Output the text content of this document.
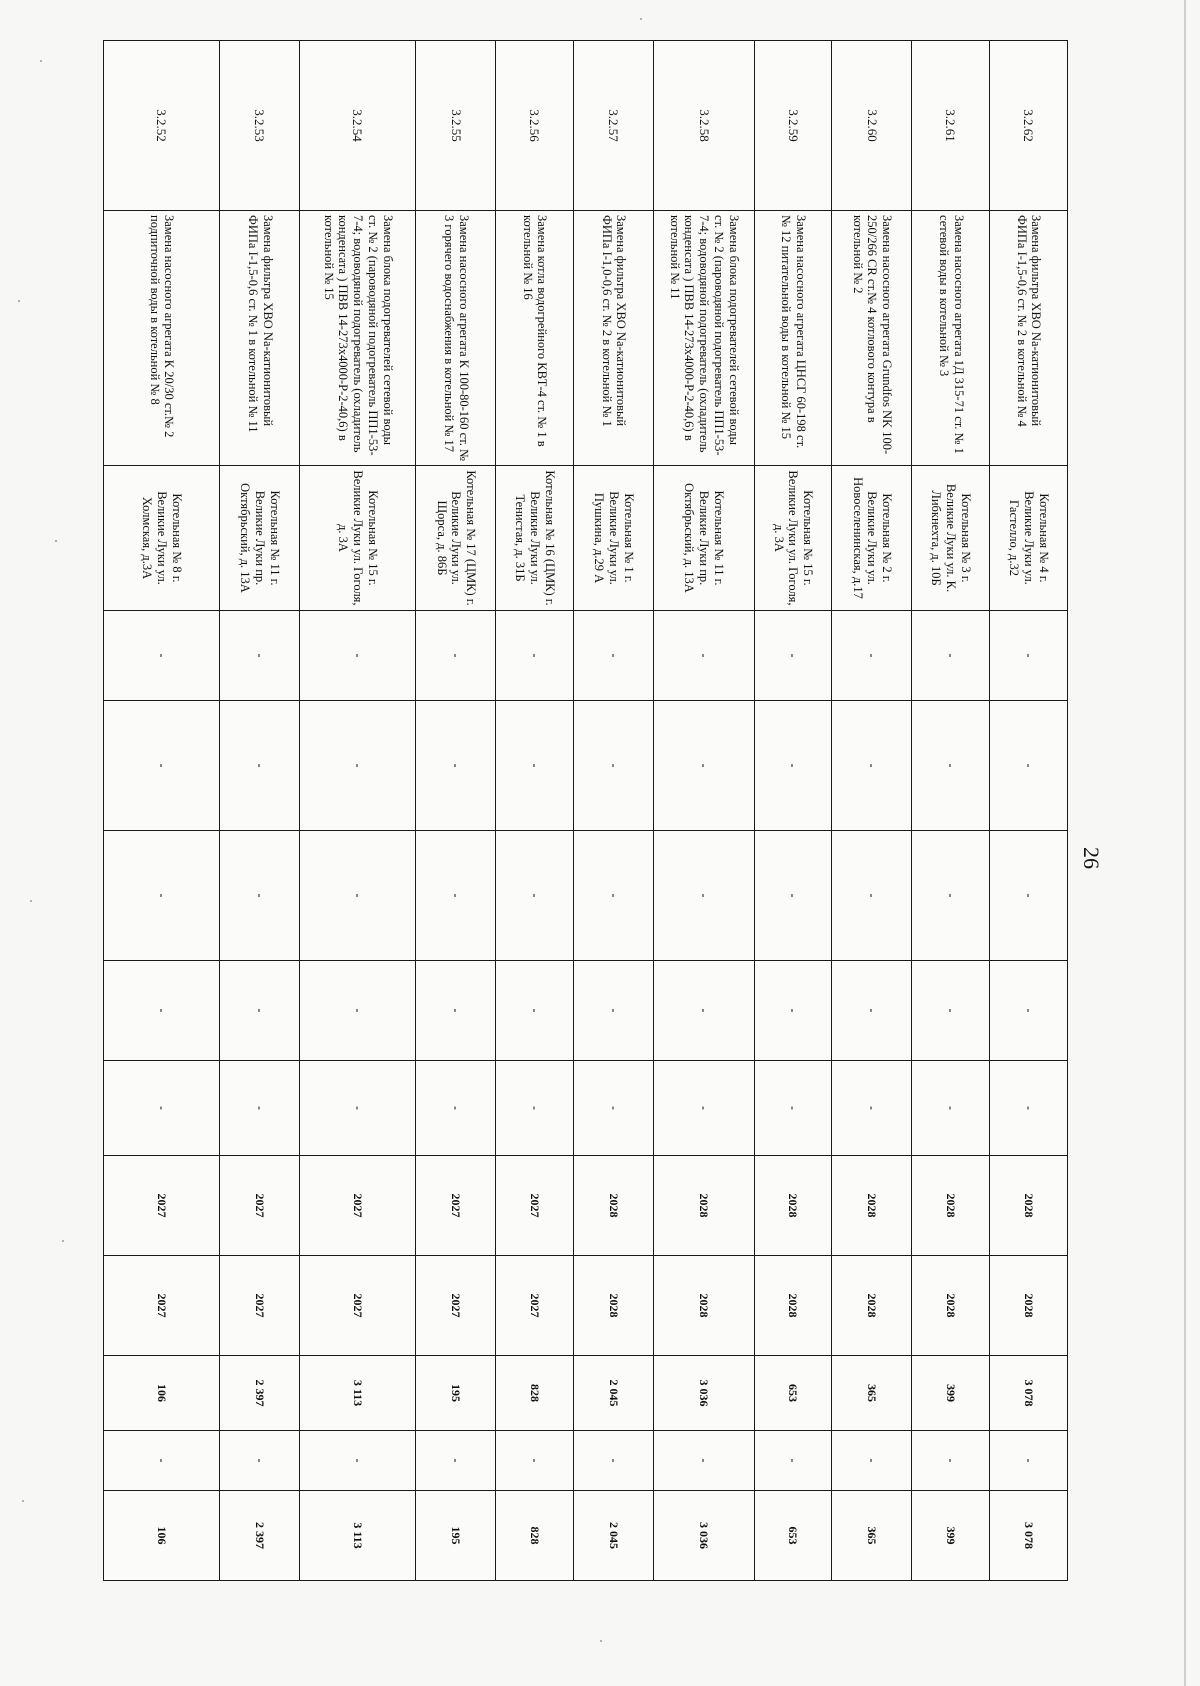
26
3.2.62	Замена фильтра ХВО Na-катионитовый ФИПа I-1,5-0,6 ст. № 2 в котельной № 4	Котельная № 4 г. Великие Луки ул. Гастелло, д.32	-	-	-	-	-	2028	2028	3 078	-	3 078
3.2.61	Замена насосного агрегата 1Д 315-71 ст. № 1 сетевой воды в котельной № 3	Котельная № 3 г. Великие Луки ул. К. Либкнехта, д. 10Б	-	-	-	-	-	2028	2028	399	-	399
3.2.60	Замена насосного агрегата Grundfos NK 100-250/266 CR ст.№ 4 котлового контура в котельной № 2	Котельная № 2 г. Великие Луки ул. Новоселенинская, д.17	-	-	-	-	-	2028	2028	365	-	365
3.2.59	Замена насосного агрегата ЦНСГ 60-198 ст. № 12 питательной воды в котельной № 15	Котельная № 15 г. Великие Луки ул. Гоголя, д. 3А	-	-	-	-	-	2028	2028	653	-	653
3.2.58	Замена блока подогревателей сетевой воды ст. № 2 (пароводяной подогреватель ПП1-53-7-4; водоводяной подогреватель (охладитель конденсата ) ПВВ 14-273х4000-Р-2-40,6) в котельной № 11	Котельная № 11 г. Великие Луки пр. Октябрьский, д. 13А	-	-	-	-	-	2028	2028	3 036	-	3 036
3.2.57	Замена фильтра ХВО Na-катионитовый ФИПа I-1,0-0,6 ст. № 2 в котельной № 1	Котельная № 1 г. Великие Луки ул. Пушкина, д.29 А	-	-	-	-	-	2028	2028	2 045	-	2 045
3.2.56	Замена котла водогрейного КВТ-4 ст. № 1 в котельной № 16	Котельная № 16 (ЦМК) г. Великие Луки ул. Тенистая, д. 31Б	-	-	-	-	-	2027	2027	828	-	828
3.2.55	Замена насосного агрегата К 100-80-160 ст. № 3 горячего водоснабжения в котельной № 17	Котельная № 17 (ЦМК) г. Великие Луки ул. Щорса, д. 86Б	-	-	-	-	-	2027	2027	195	-	195
3.2.54	Замена блока подогревателей сетевой воды ст. № 2 (пароводяной подогреватель ПП1-53-7-4; водоводяной подогреватель (охладитель конденсата ) ПВВ 14-273х4000-Р-2-40,6) в котельной № 15	Котельная № 15 г. Великие Луки ул. Гоголя, д. 3А	-	-	-	-	-	2027	2027	3 113	-	3 113
3.2.53	Замена фильтра ХВО Na-катионитовый ФИПа I-1,5-0,6 ст. № 1 в котельной № 11	Котельная № 11 г. Великие Луки пр. Октябрьский, д. 13А	-	-	-	-	-	2027	2027	2 397	-	2 397
3.2.52	Замена насосного агрегата К 20/30 ст.№ 2 подпиточной воды в котельной № 8	Котельная № 8 г. Великие Луки ул. Холмская, д.3А	-	-	-	-	-	2027	2027	106	-	106
